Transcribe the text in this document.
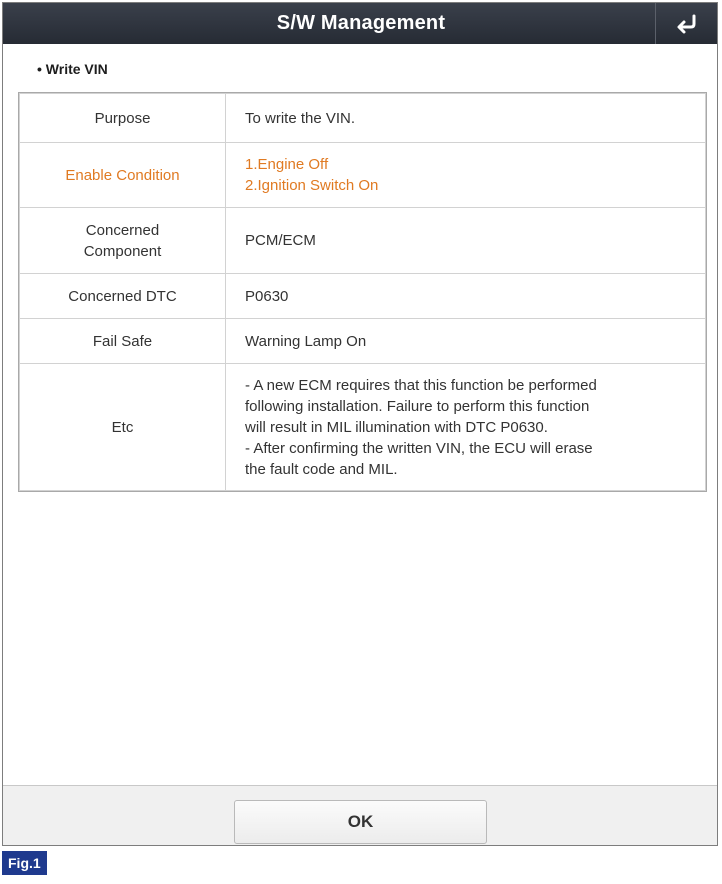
S/W Management
• Write VIN
Purpose	To write the VIN.
Enable Condition	1.Engine Off
2.Ignition Switch On
Concerned
Component	PCM/ECM
Concerned DTC	P0630
Fail Safe	Warning Lamp On
Etc	- A new ECM requires that this function be performed
following installation. Failure to perform this function
will result in MIL illumination with DTC P0630.
- After confirming the written VIN, the ECU will erase
the fault code and MIL.
OK
Fig.1
